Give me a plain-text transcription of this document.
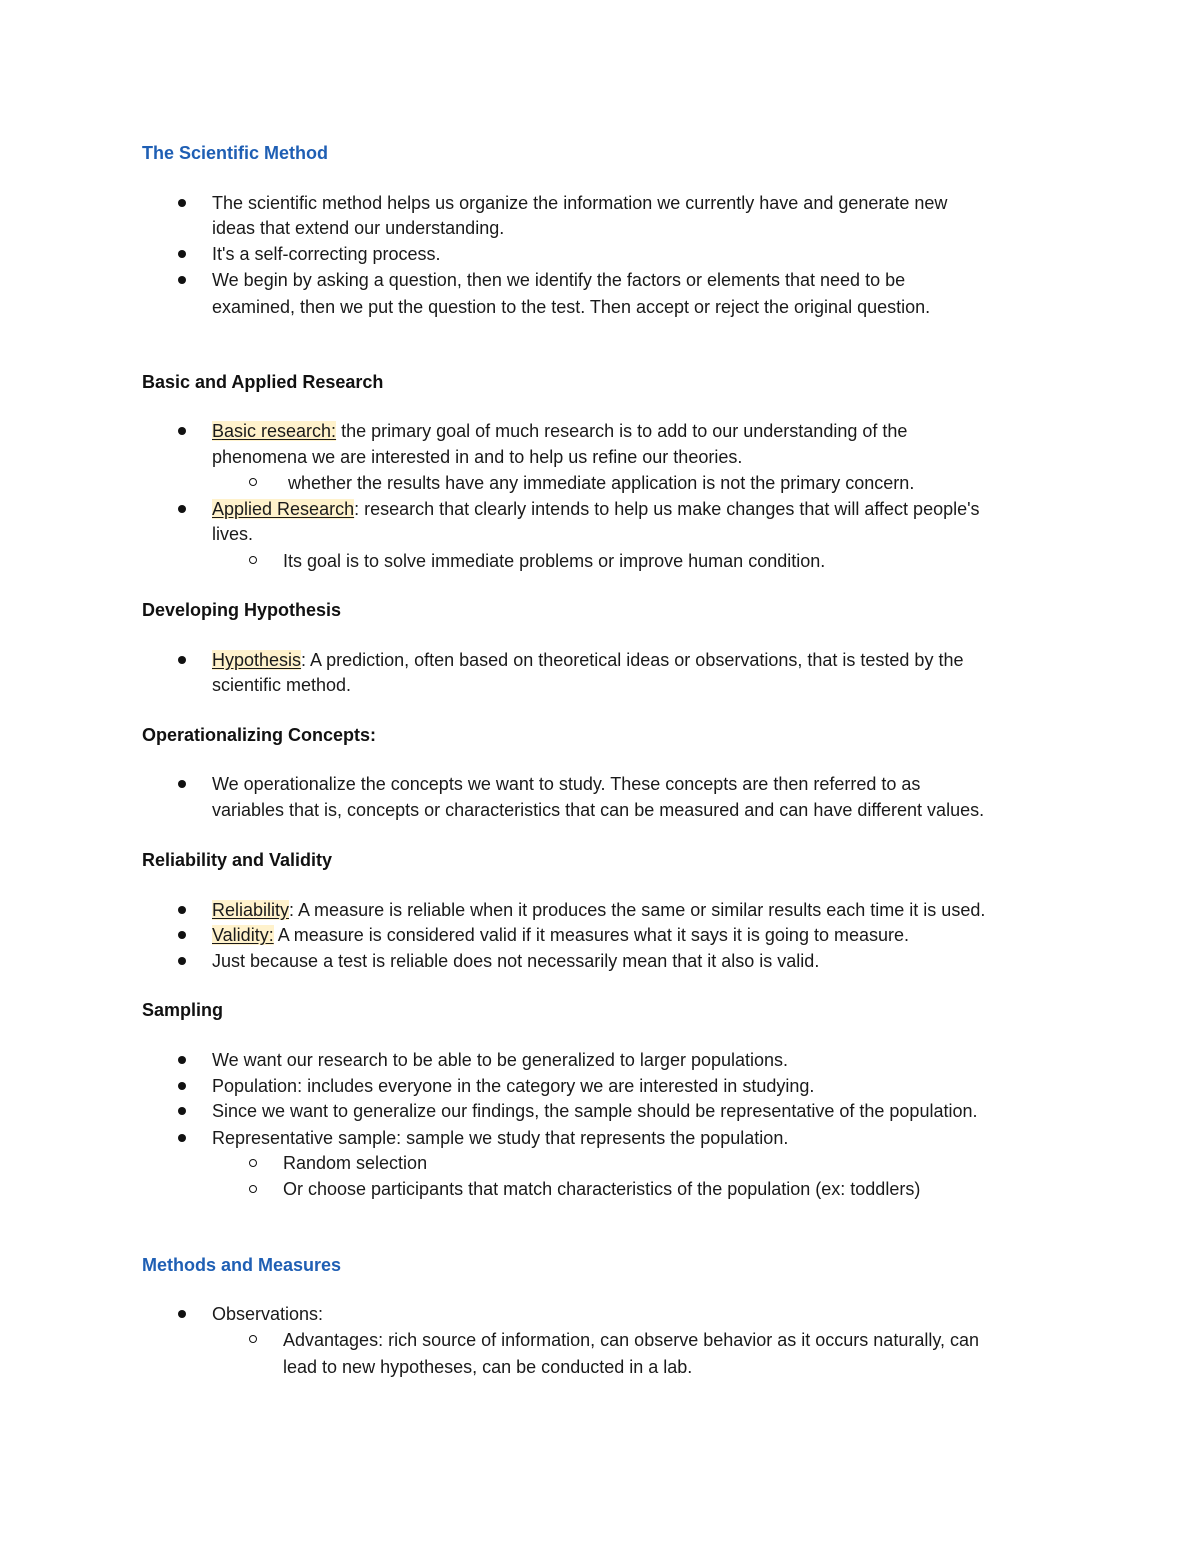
The Scientific Method
The scientific method helps us organize the information we currently have and generate new
ideas that extend our understanding.
It's a self-correcting process.
We begin by asking a question, then we identify the factors or elements that need to be
examined, then we put the question to the test. Then accept or reject the original question.
Basic and Applied Research
Basic research: the primary goal of much research is to add to our understanding of the
phenomena we are interested in and to help us refine our theories.
whether the results have any immediate application is not the primary concern.
Applied Research: research that clearly intends to help us make changes that will affect people's
lives.
Its goal is to solve immediate problems or improve human condition.
Developing Hypothesis
Hypothesis: A prediction, often based on theoretical ideas or observations, that is tested by the
scientific method.
Operationalizing Concepts:
We operationalize the concepts we want to study. These concepts are then referred to as
variables that is, concepts or characteristics that can be measured and can have different values.
Reliability and Validity
Reliability: A measure is reliable when it produces the same or similar results each time it is used.
Validity: A measure is considered valid if it measures what it says it is going to measure.
Just because a test is reliable does not necessarily mean that it also is valid.
Sampling
We want our research to be able to be generalized to larger populations.
Population: includes everyone in the category we are interested in studying.
Since we want to generalize our findings, the sample should be representative of the population.
Representative sample: sample we study that represents the population.
Random selection
Or choose participants that match characteristics of the population (ex: toddlers)
Methods and Measures
Observations:
Advantages: rich source of information, can observe behavior as it occurs naturally, can
lead to new hypotheses, can be conducted in a lab.
